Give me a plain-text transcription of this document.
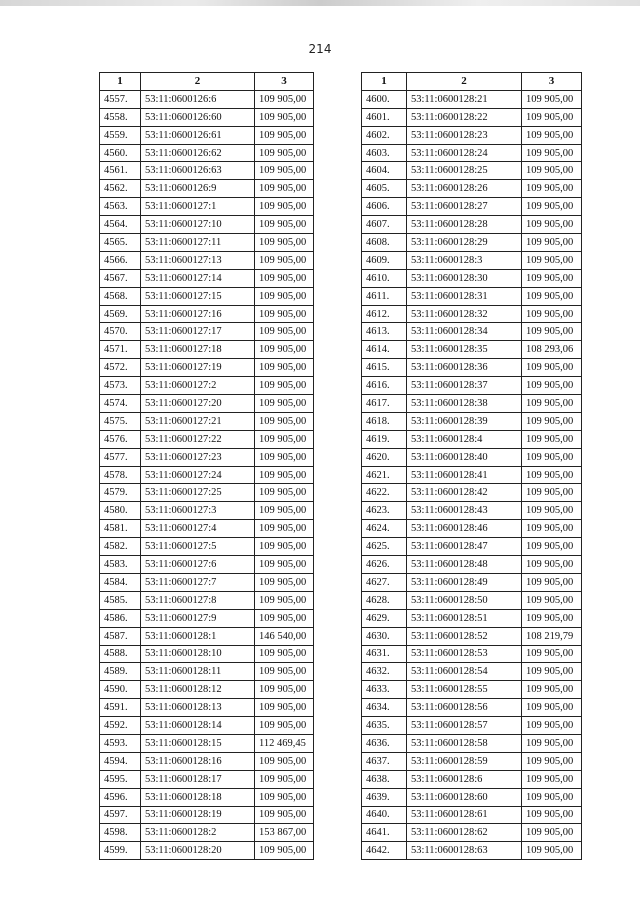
214
1	2	3
4557.	53:11:0600126:6	109 905,00
4558.	53:11:0600126:60	109 905,00
4559.	53:11:0600126:61	109 905,00
4560.	53:11:0600126:62	109 905,00
4561.	53:11:0600126:63	109 905,00
4562.	53:11:0600126:9	109 905,00
4563.	53:11:0600127:1	109 905,00
4564.	53:11:0600127:10	109 905,00
4565.	53:11:0600127:11	109 905,00
4566.	53:11:0600127:13	109 905,00
4567.	53:11:0600127:14	109 905,00
4568.	53:11:0600127:15	109 905,00
4569.	53:11:0600127:16	109 905,00
4570.	53:11:0600127:17	109 905,00
4571.	53:11:0600127:18	109 905,00
4572.	53:11:0600127:19	109 905,00
4573.	53:11:0600127:2	109 905,00
4574.	53:11:0600127:20	109 905,00
4575.	53:11:0600127:21	109 905,00
4576.	53:11:0600127:22	109 905,00
4577.	53:11:0600127:23	109 905,00
4578.	53:11:0600127:24	109 905,00
4579.	53:11:0600127:25	109 905,00
4580.	53:11:0600127:3	109 905,00
4581.	53:11:0600127:4	109 905,00
4582.	53:11:0600127:5	109 905,00
4583.	53:11:0600127:6	109 905,00
4584.	53:11:0600127:7	109 905,00
4585.	53:11:0600127:8	109 905,00
4586.	53:11:0600127:9	109 905,00
4587.	53:11:0600128:1	146 540,00
4588.	53:11:0600128:10	109 905,00
4589.	53:11:0600128:11	109 905,00
4590.	53:11:0600128:12	109 905,00
4591.	53:11:0600128:13	109 905,00
4592.	53:11:0600128:14	109 905,00
4593.	53:11:0600128:15	112 469,45
4594.	53:11:0600128:16	109 905,00
4595.	53:11:0600128:17	109 905,00
4596.	53:11:0600128:18	109 905,00
4597.	53:11:0600128:19	109 905,00
4598.	53:11:0600128:2	153 867,00
4599.	53:11:0600128:20	109 905,00
1	2	3
4600.	53:11:0600128:21	109 905,00
4601.	53:11:0600128:22	109 905,00
4602.	53:11:0600128:23	109 905,00
4603.	53:11:0600128:24	109 905,00
4604.	53:11:0600128:25	109 905,00
4605.	53:11:0600128:26	109 905,00
4606.	53:11:0600128:27	109 905,00
4607.	53:11:0600128:28	109 905,00
4608.	53:11:0600128:29	109 905,00
4609.	53:11:0600128:3	109 905,00
4610.	53:11:0600128:30	109 905,00
4611.	53:11:0600128:31	109 905,00
4612.	53:11:0600128:32	109 905,00
4613.	53:11:0600128:34	109 905,00
4614.	53:11:0600128:35	108 293,06
4615.	53:11:0600128:36	109 905,00
4616.	53:11:0600128:37	109 905,00
4617.	53:11:0600128:38	109 905,00
4618.	53:11:0600128:39	109 905,00
4619.	53:11:0600128:4	109 905,00
4620.	53:11:0600128:40	109 905,00
4621.	53:11:0600128:41	109 905,00
4622.	53:11:0600128:42	109 905,00
4623.	53:11:0600128:43	109 905,00
4624.	53:11:0600128:46	109 905,00
4625.	53:11:0600128:47	109 905,00
4626.	53:11:0600128:48	109 905,00
4627.	53:11:0600128:49	109 905,00
4628.	53:11:0600128:50	109 905,00
4629.	53:11:0600128:51	109 905,00
4630.	53:11:0600128:52	108 219,79
4631.	53:11:0600128:53	109 905,00
4632.	53:11:0600128:54	109 905,00
4633.	53:11:0600128:55	109 905,00
4634.	53:11:0600128:56	109 905,00
4635.	53:11:0600128:57	109 905,00
4636.	53:11:0600128:58	109 905,00
4637.	53:11:0600128:59	109 905,00
4638.	53:11:0600128:6	109 905,00
4639.	53:11:0600128:60	109 905,00
4640.	53:11:0600128:61	109 905,00
4641.	53:11:0600128:62	109 905,00
4642.	53:11:0600128:63	109 905,00
